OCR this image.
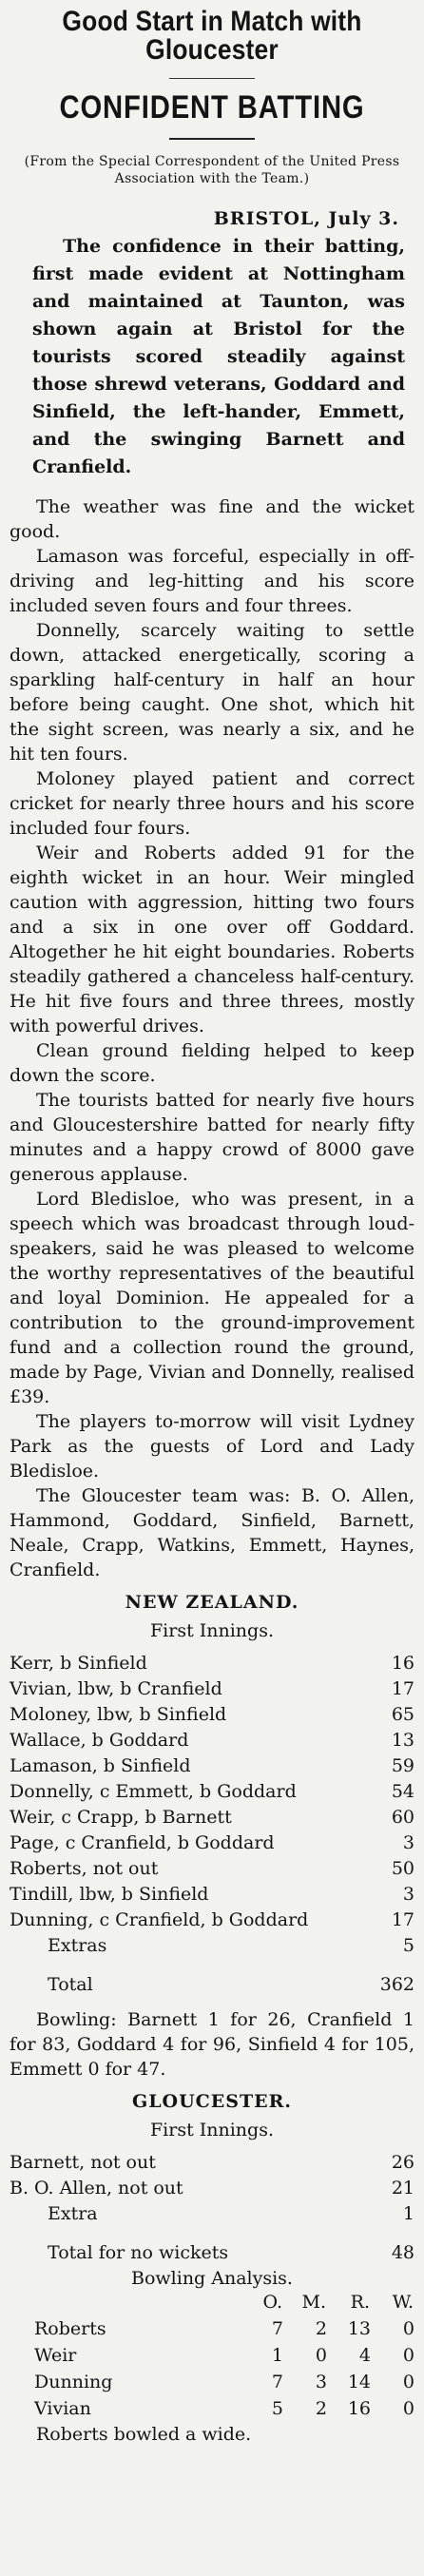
Good Start in Match with Gloucester
CONFIDENT BATTING

(From the Special Correspondent of the United Press Association with the Team.)

BRISTOL, July 3.

The confidence in their batting, first made evident at Nottingham and maintained at Taunton, was shown again at Bristol for the tourists scored steadily against those shrewd veterans, Goddard and Sinfield, the left-hander, Emmett, and the swinging Barnett and Cranfield.

The weather was fine and the wicket good.

Lamason was forceful, especially in off-driving and leg-hitting and his score included seven fours and four threes.

Donnelly, scarcely waiting to settle down, attacked energetically, scoring a sparkling half-century in half an hour before being caught. One shot, which hit the sight screen, was nearly a six, and he hit ten fours.

Moloney played patient and correct cricket for nearly three hours and his score included four fours.

Weir and Roberts added 91 for the eighth wicket in an hour. Weir mingled caution with aggression, hitting two fours and a six in one over off Goddard. Altogether he hit eight boundaries. Roberts steadily gathered a chanceless half-century. He hit five fours and three threes, mostly with powerful drives.

Clean ground fielding helped to keep down the score.

The tourists batted for nearly five hours and Gloucestershire batted for nearly fifty minutes and a happy crowd of 8000 gave generous applause.

Lord Bledisloe, who was present, in a speech which was broadcast through loud-speakers, said he was pleased to welcome the worthy representatives of the beautiful and loyal Dominion. He appealed for a contribution to the ground-improvement fund and a collection round the ground, made by Page, Vivian and Donnelly, realised £39.

The players to-morrow will visit Lydney Park as the guests of Lord and Lady Bledisloe.

The Gloucester team was: B. O. Allen, Hammond, Goddard, Sinfield, Barnett, Neale, Crapp, Watkins, Emmett, Haynes, Cranfield.

NEW ZEALAND.
First Innings.
Kerr, b Sinfield	16
Vivian, lbw, b Cranfield	17
Moloney, lbw, b Sinfield	65
Wallace, b Goddard	13
Lamason, b Sinfield	59
Donnelly, c Emmett, b Goddard	54
Weir, c Crapp, b Barnett	60
Page, c Cranfield, b Goddard	3
Roberts, not out	50
Tindill, lbw, b Sinfield	3
Dunning, c Cranfield, b Goddard	17
Extras	5
Total	362

Bowling: Barnett 1 for 26, Cranfield 1 for 83, Goddard 4 for 96, Sinfield 4 for 105, Emmett 0 for 47.

GLOUCESTER.
First Innings.
Barnett, not out	26
B. O. Allen, not out	21
Extra	1
Total for no wickets	48
Bowling Analysis.
	O.	M.	R.	W.
Roberts	7	2	13	0
Weir	1	0	4	0
Dunning	7	3	14	0
Vivian	5	2	16	0

Roberts bowled a wide.
